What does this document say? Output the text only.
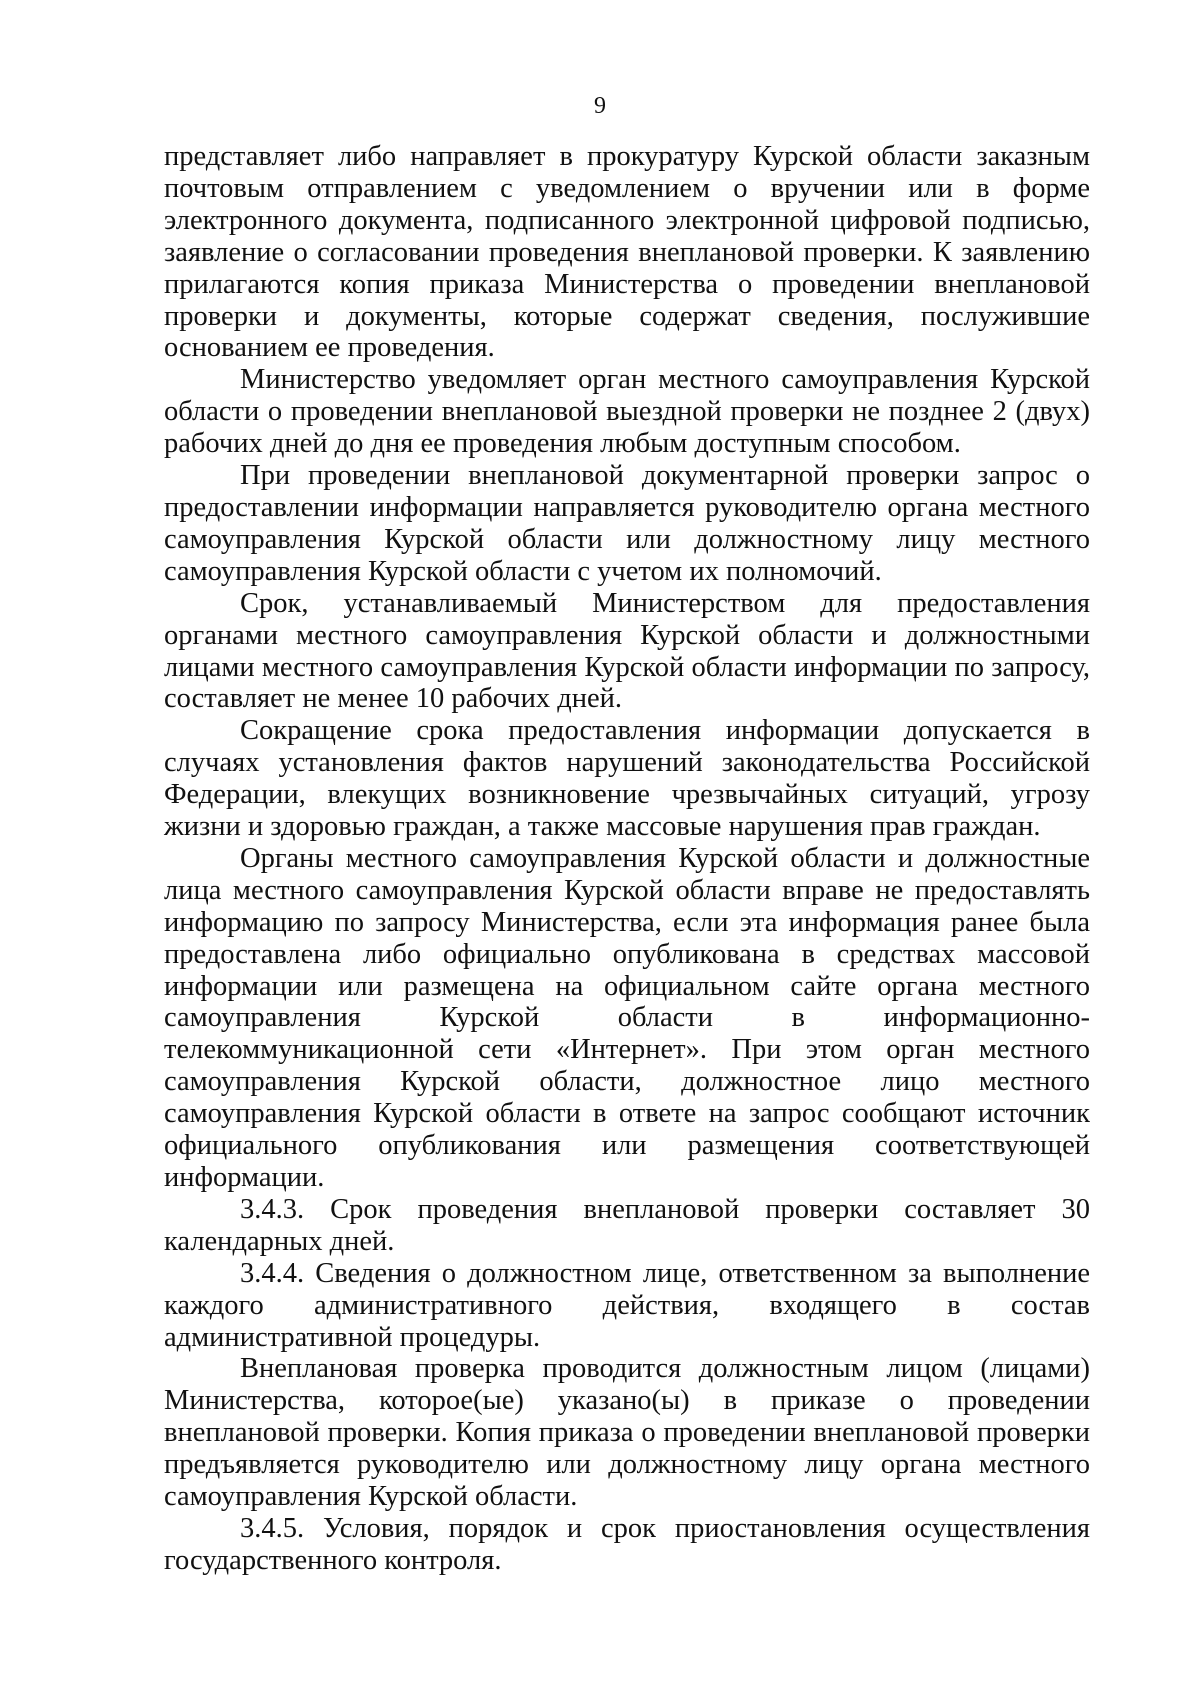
9

представляет либо направляет в прокуратуру Курской области заказным почтовым отправлением с уведомлением о вручении или в форме электронного документа, подписанного электронной цифровой подписью, заявление о согласовании проведения внеплановой проверки. К заявлению прилагаются копия приказа Министерства о проведении внеплановой проверки и документы, которые содержат сведения, послужившие основанием ее проведения.

Министерство уведомляет орган местного самоуправления Курской области о проведении внеплановой выездной проверки не позднее 2 (двух) рабочих дней до дня ее проведения любым доступным способом.

При проведении внеплановой документарной проверки запрос о предоставлении информации направляется руководителю органа местного самоуправления Курской области или должностному лицу местного самоуправления Курской области с учетом их полномочий.

Срок, устанавливаемый Министерством для предоставления органами местного самоуправления Курской области и должностными лицами местного самоуправления Курской области информации по запросу, составляет не менее 10 рабочих дней.

Сокращение срока предоставления информации допускается в случаях установления фактов нарушений законодательства Российской Федерации, влекущих возникновение чрезвычайных ситуаций, угрозу жизни и здоровью граждан, а также массовые нарушения прав граждан.

Органы местного самоуправления Курской области и должностные лица местного самоуправления Курской области вправе не предоставлять информацию по запросу Министерства, если эта информация ранее была предоставлена либо официально опубликована в средствах массовой информации или размещена на официальном сайте органа местного самоуправления Курской области в информационно-телекоммуникационной сети «Интернет». При этом орган местного самоуправления Курской области, должностное лицо местного самоуправления Курской области в ответе на запрос сообщают источник официального опубликования или размещения соответствующей информации.

3.4.3. Срок проведения внеплановой проверки составляет 30 календарных дней.

3.4.4. Сведения о должностном лице, ответственном за выполнение каждого административного действия, входящего в состав административной процедуры.

Внеплановая проверка проводится должностным лицом (лицами) Министерства, которое(ые) указано(ы) в приказе о проведении внеплановой проверки. Копия приказа о проведении внеплановой проверки предъявляется руководителю или должностному лицу органа местного самоуправления Курской области.

3.4.5. Условия, порядок и срок приостановления осуществления государственного контроля.
